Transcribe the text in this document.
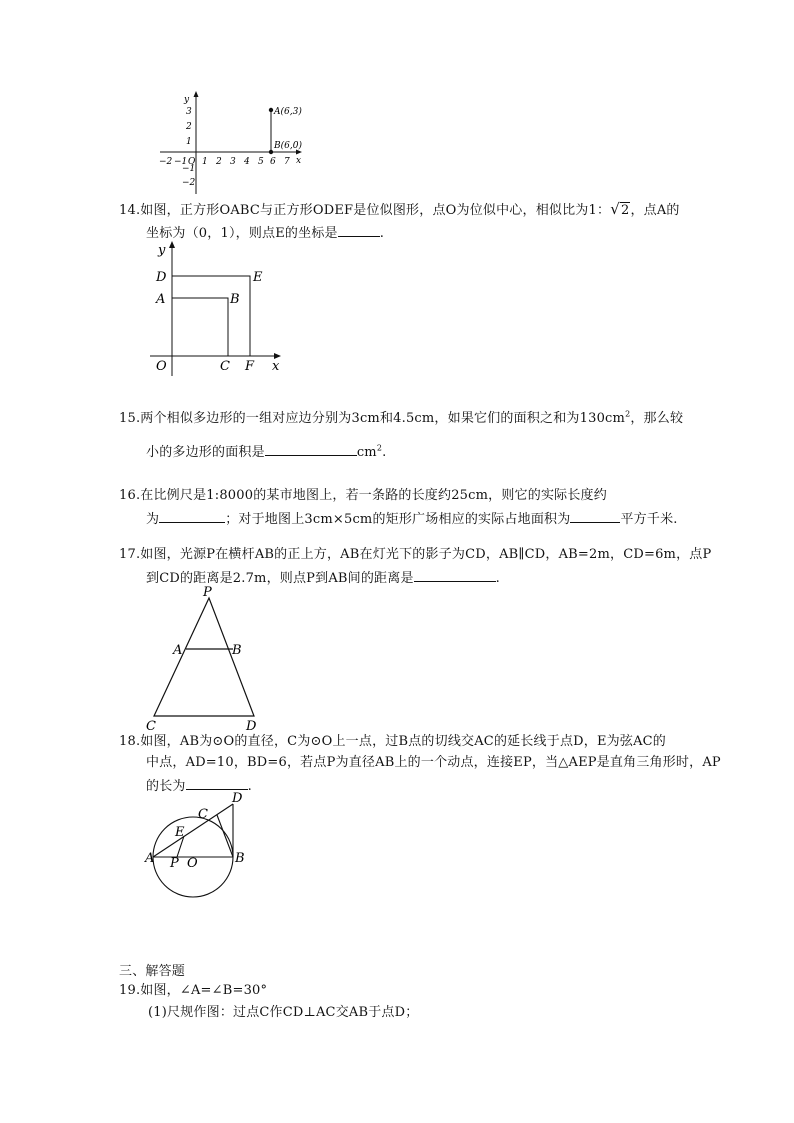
−2 −1 O 1 2 3 4 5 6 7 x
y
3
2
1
−1
−2
A(6,3)
B(6,0)
14.如图，正方形OABC与正方形ODEF是位似图形，点O为位似中心，相似比为1：√2，点A的
坐标为（0，1），则点E的坐标是	.
y
D	E
A	B
O	C F x
15.两个相似多边形的一组对应边分别为3cm和4.5cm，如果它们的面积之和为$130cm^2$，那么较
小的多边形的面积是	$cm^2$.
16.在比例尺是1:8000的某市地图上，若一条路的长度约25cm，则它的实际长度约
为	；对于地图上3cm×5cm的矩形广场相应的实际占地面积为	平方千米.
17.如图，光源P在横杆AB的正上方，AB在灯光下的影子为CD，AB∥CD，AB=2m，CD=6m，点P
到CD的距离是2.7m，则点P到AB间的距离是	.
P
A	B
C	D
18.如图，AB为⊙O的直径，C为⊙O上一点，过B点的切线交AC的延长线于点D，E为弦AC的
中点，AD=10，BD=6，若点P为直径AB上的一个动点，连接EP，当△AEP是直角三角形时，AP
的长为	.
D
C
E
A P O	B
三、解答题
19.如图，∠A=∠B=30°
(1)尺规作图：过点C作CD⊥AC交AB于点D；
